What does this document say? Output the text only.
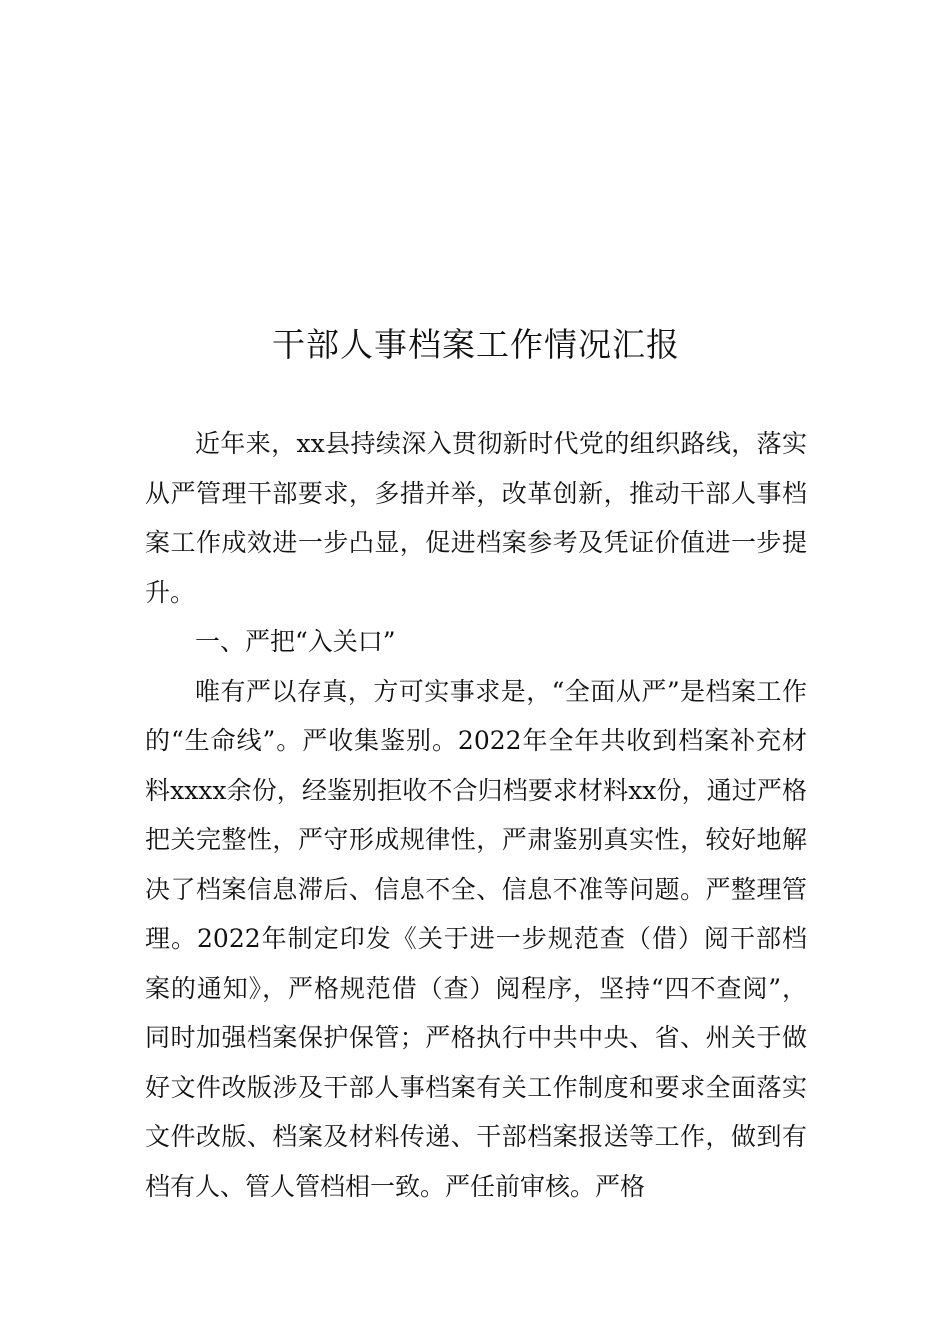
干部人事档案工作情况汇报

近年来，xx县持续深入贯彻新时代党的组织路线，落实从严管理干部要求，多措并举，改革创新，推动干部人事档案工作成效进一步凸显，促进档案参考及凭证价值进一步提升。

一、严把“入关口”

唯有严以存真，方可实事求是，“全面从严”是档案工作的“生命线”。严收集鉴别。2022年全年共收到档案补充材料xxxx余份，经鉴别拒收不合归档要求材料xx份，通过严格把关完整性，严守形成规律性，严肃鉴别真实性，较好地解决了档案信息滞后、信息不全、信息不准等问题。严整理管理。2022年制定印发《关于进一步规范查（借）阅干部档案的通知》，严格规范借（查）阅程序，坚持“四不查阅”，同时加强档案保护保管；严格执行中共中央、省、州关于做好文件改版涉及干部人事档案有关工作制度和要求全面落实文件改版、档案及材料传递、干部档案报送等工作，做到有档有人、管人管档相一致。严任前审核。严格
